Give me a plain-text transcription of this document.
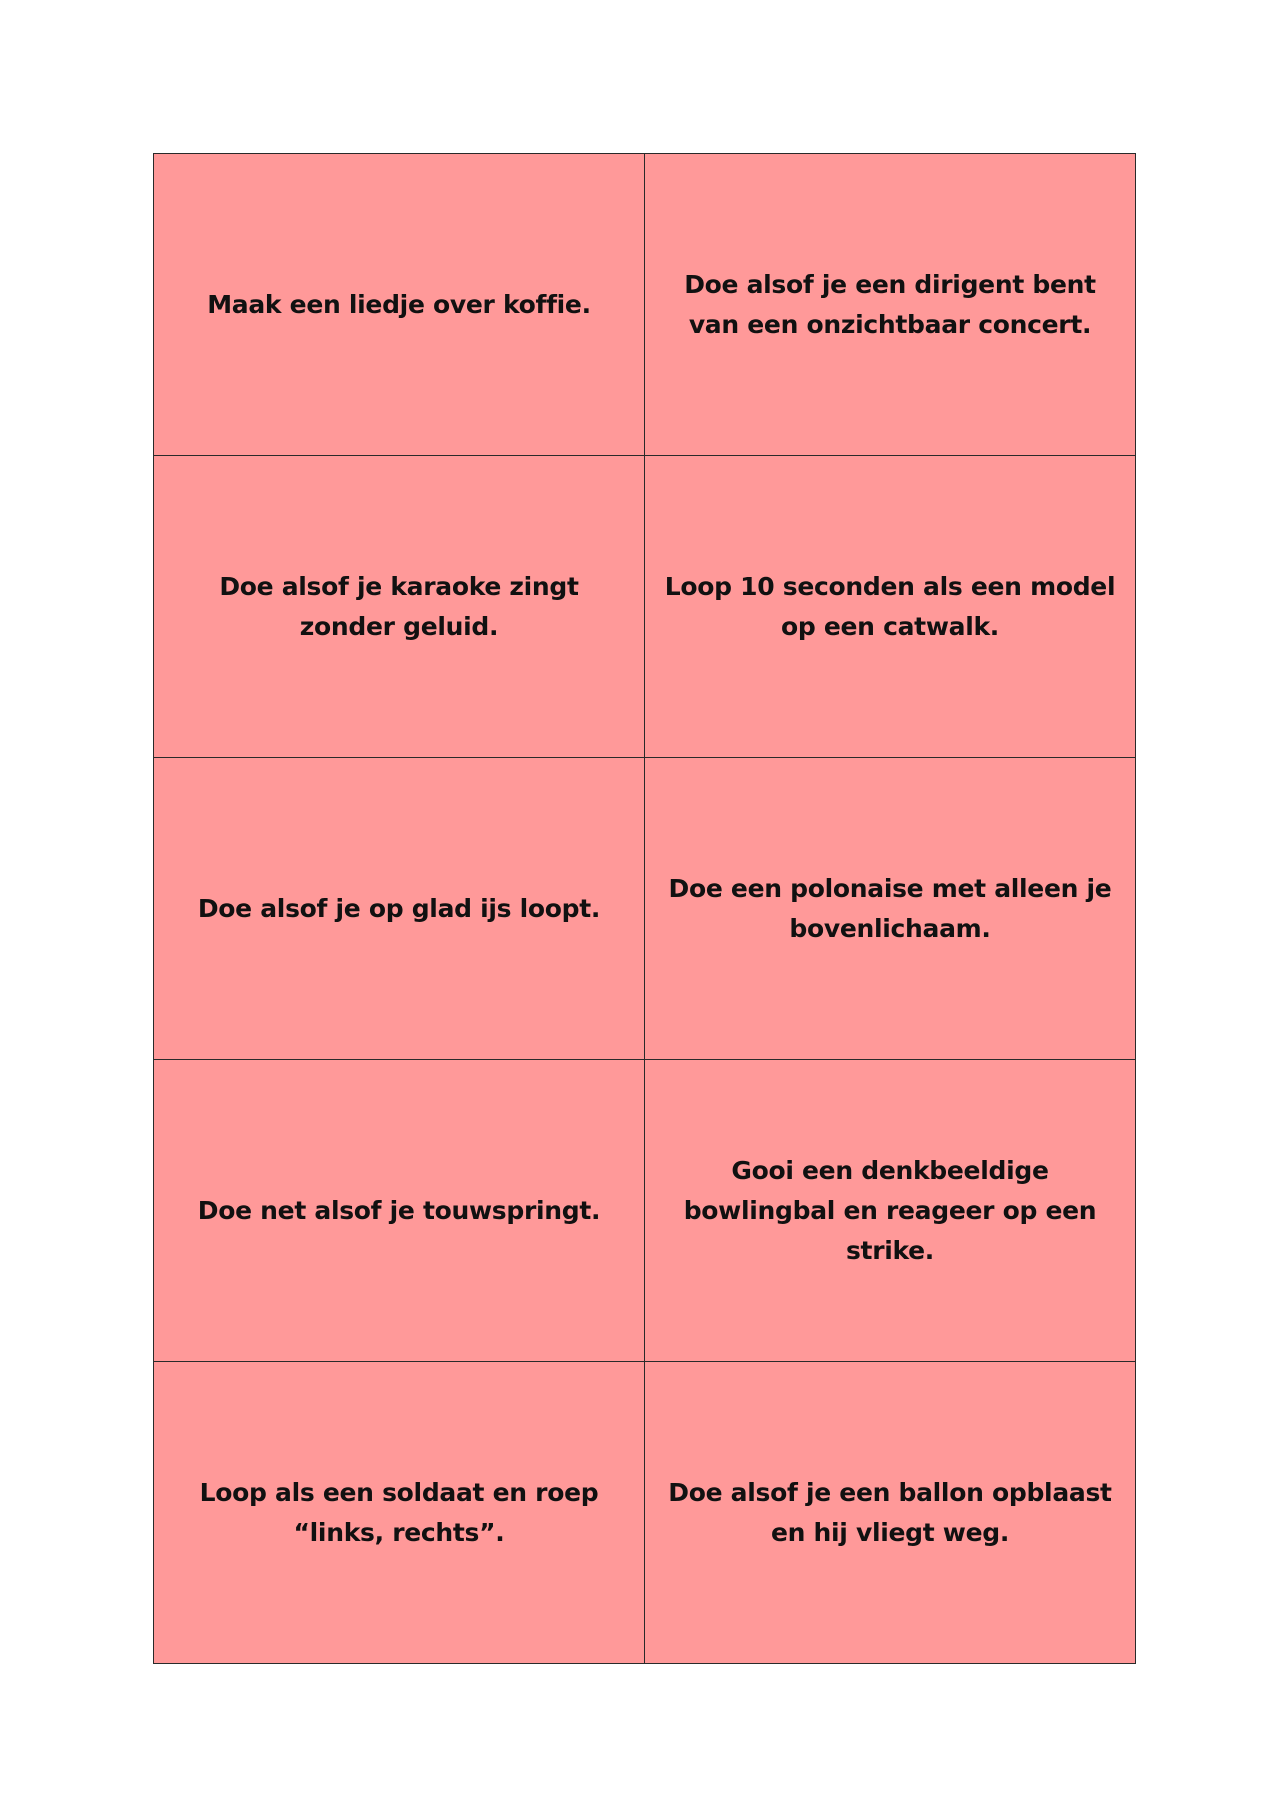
Maak een liedje over koffie.	Doe alsof je een dirigent bent van een onzichtbaar concert.
Doe alsof je karaoke zingt zonder geluid.	Loop 10 seconden als een model op een catwalk.
Doe alsof je op glad ijs loopt.	Doe een polonaise met alleen je bovenlichaam.
Doe net alsof je touwspringt.	Gooi een denkbeeldige bowlingbal en reageer op een strike.
Loop als een soldaat en roep “links, rechts”.	Doe alsof je een ballon opblaast en hij vliegt weg.
